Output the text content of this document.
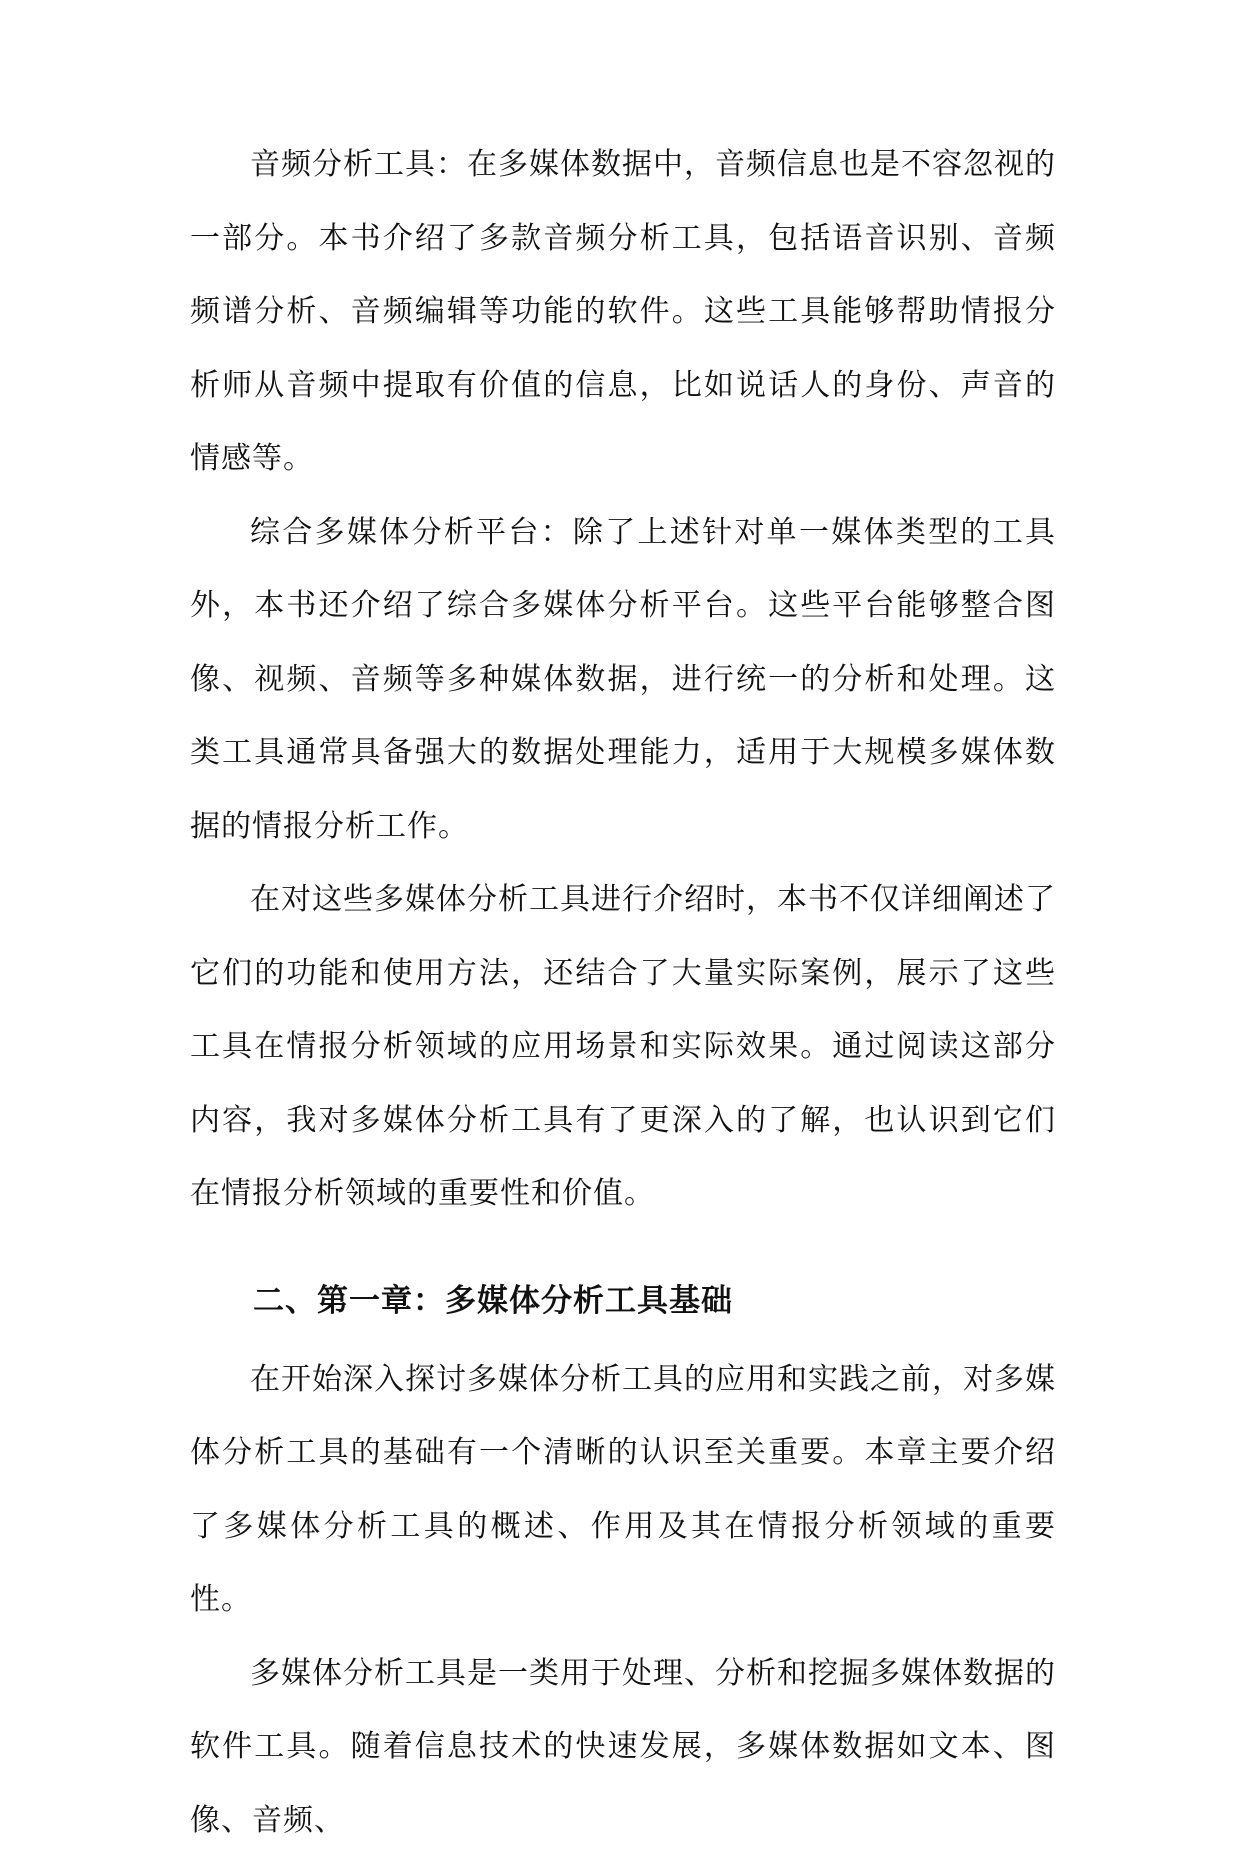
音频分析工具：在多媒体数据中，音频信息也是不容忽视的一部分。本书介绍了多款音频分析工具，包括语音识别、音频频谱分析、音频编辑等功能的软件。这些工具能够帮助情报分析师从音频中提取有价值的信息，比如说话人的身份、声音的情感等。

综合多媒体分析平台：除了上述针对单一媒体类型的工具外，本书还介绍了综合多媒体分析平台。这些平台能够整合图像、视频、音频等多种媒体数据，进行统一的分析和处理。这类工具通常具备强大的数据处理能力，适用于大规模多媒体数据的情报分析工作。

在对这些多媒体分析工具进行介绍时，本书不仅详细阐述了它们的功能和使用方法，还结合了大量实际案例，展示了这些工具在情报分析领域的应用场景和实际效果。通过阅读这部分内容，我对多媒体分析工具有了更深入的了解，也认识到它们在情报分析领域的重要性和价值。

二、第一章：多媒体分析工具基础

在开始深入探讨多媒体分析工具的应用和实践之前，对多媒体分析工具的基础有一个清晰的认识至关重要。本章主要介绍了多媒体分析工具的概述、作用及其在情报分析领域的重要性。

多媒体分析工具是一类用于处理、分析和挖掘多媒体数据的软件工具。随着信息技术的快速发展，多媒体数据如文本、图像、音频、
